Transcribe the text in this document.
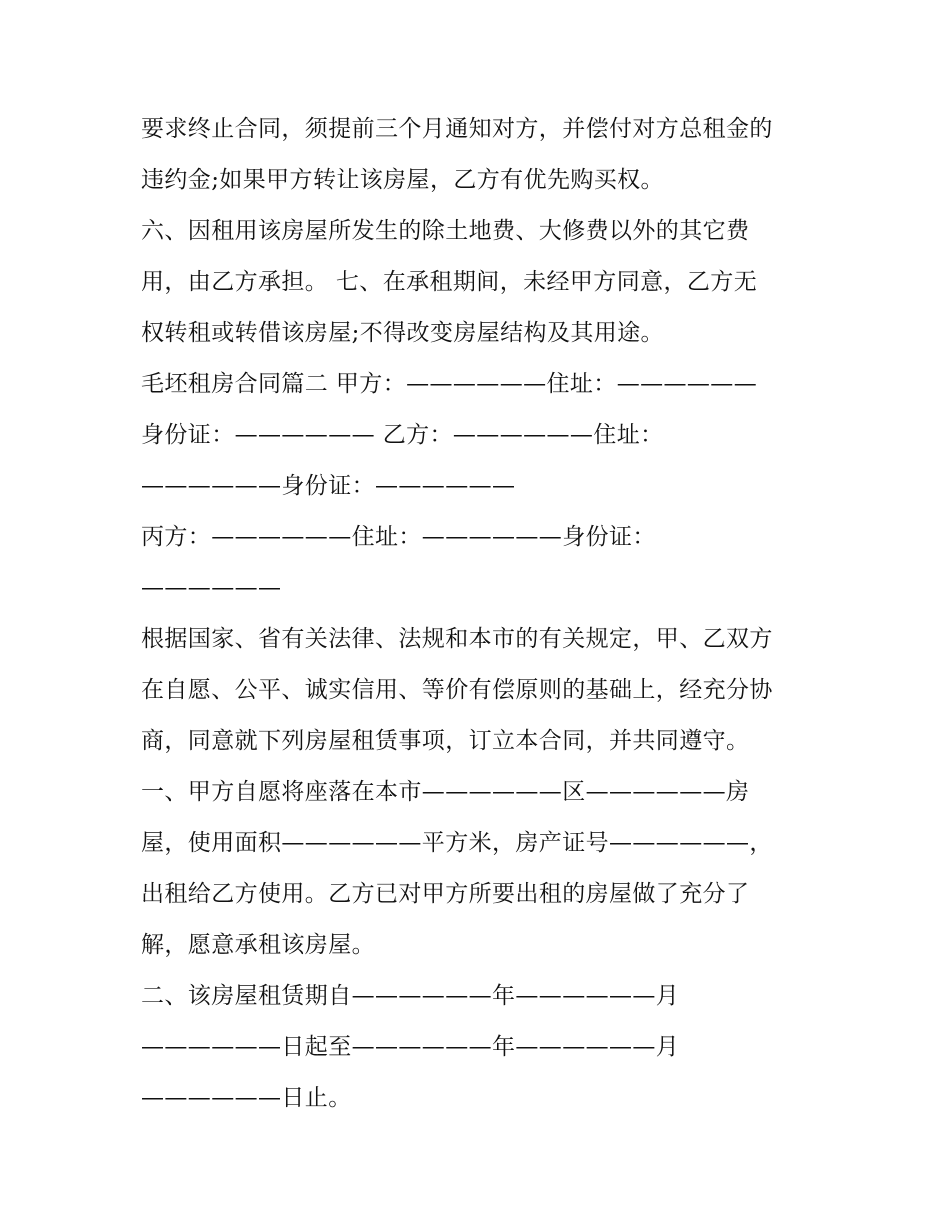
要求终止合同，须提前三个月通知对方，并偿付对方总租金的
违约金;如果甲方转让该房屋，乙方有优先购买权。
六、因租用该房屋所发生的除土地费、大修费以外的其它费
用，由乙方承担。 七、在承租期间，未经甲方同意，乙方无
权转租或转借该房屋;不得改变房屋结构及其用途。
毛坯租房合同篇二 甲方：——————住址：——————
身份证：—————— 乙方：——————住址：
——————身份证：——————
丙方：——————住址：——————身份证：
——————
根据国家、省有关法律、法规和本市的有关规定，甲、乙双方
在自愿、公平、诚实信用、等价有偿原则的基础上，经充分协
商，同意就下列房屋租赁事项，订立本合同，并共同遵守。
一、甲方自愿将座落在本市——————区——————房
屋，使用面积——————平方米，房产证号——————，
出租给乙方使用。乙方已对甲方所要出租的房屋做了充分了
解，愿意承租该房屋。
二、该房屋租赁期自——————年——————月
——————日起至——————年——————月
——————日止。
